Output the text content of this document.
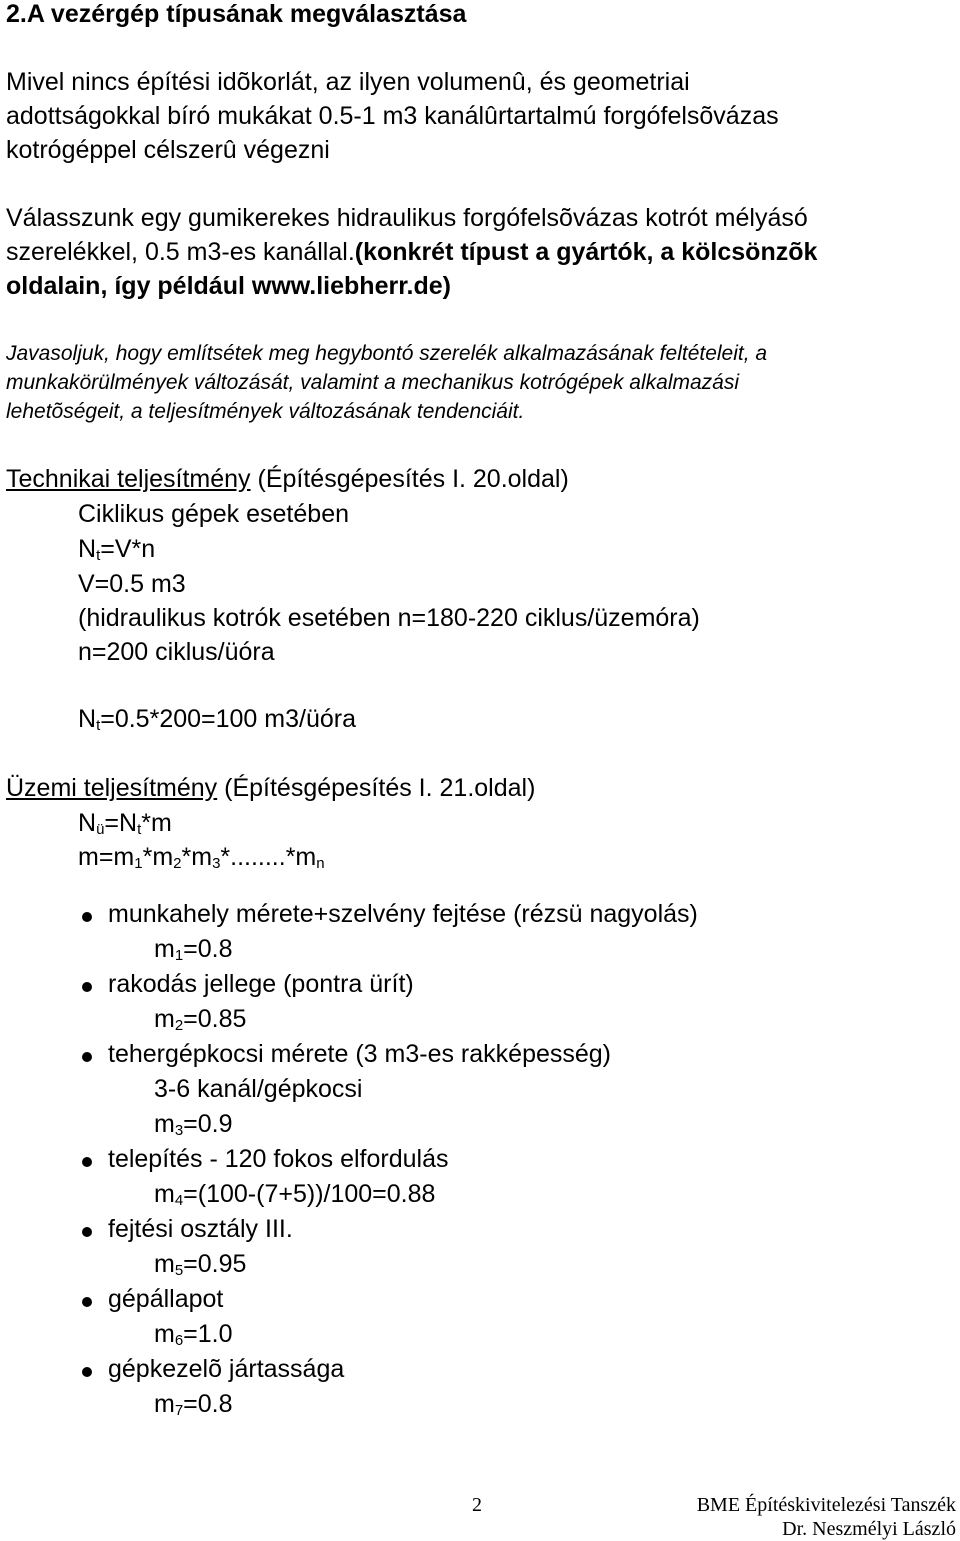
2.A vezérgép típusának megválasztása
Mivel nincs építési idõkorlát, az ilyen volumenû, és geometriai
adottságokkal bíró mukákat 0.5-1 m3 kanálûrtartalmú forgófelsõvázas
kotrógéppel célszerû végezni
Válasszunk egy gumikerekes hidraulikus forgófelsõvázas kotrót mélyásó
szerelékkel, 0.5 m3-es kanállal.(konkrét típust a gyártók, a kölcsönzõk
oldalain, így például www.liebherr.de)
Javasoljuk, hogy említsétek meg hegybontó szerelék alkalmazásának feltételeit, a
munkakörülmények változását, valamint a mechanikus kotrógépek alkalmazási
lehetõségeit, a teljesítmények változásának tendenciáit.
Technikai teljesítmény (Építésgépesítés I. 20.oldal)
Ciklikus gépek esetében
$N_t=V*n$
V=0.5 m3
(hidraulikus kotrók esetében n=180-220 ciklus/üzemóra)
n=200 ciklus/üóra
$N_t=0.5*200=100$ m3/üóra
Üzemi teljesítmény (Építésgépesítés I. 21.oldal)
$N_ü=N_t*m$
$m=m_1*m_2*m_3*........*m_n$
munkahely mérete+szelvény fejtése (rézsü nagyolás)
$m_1=0.8$
rakodás jellege (pontra ürít)
$m_2=0.85$
tehergépkocsi mérete (3 m3-es rakképesség)
3-6 kanál/gépkocsi
$m_3=0.9$
telepítés - 120 fokos elfordulás
$m_4=(100-(7+5))/100=0.88$
fejtési osztály III.
$m_5=0.95$
gépállapot
$m_6=1.0$
gépkezelõ jártassága
$m_7=0.8$
2	BME Építéskivitelezési Tanszék
Dr. Neszmélyi László
